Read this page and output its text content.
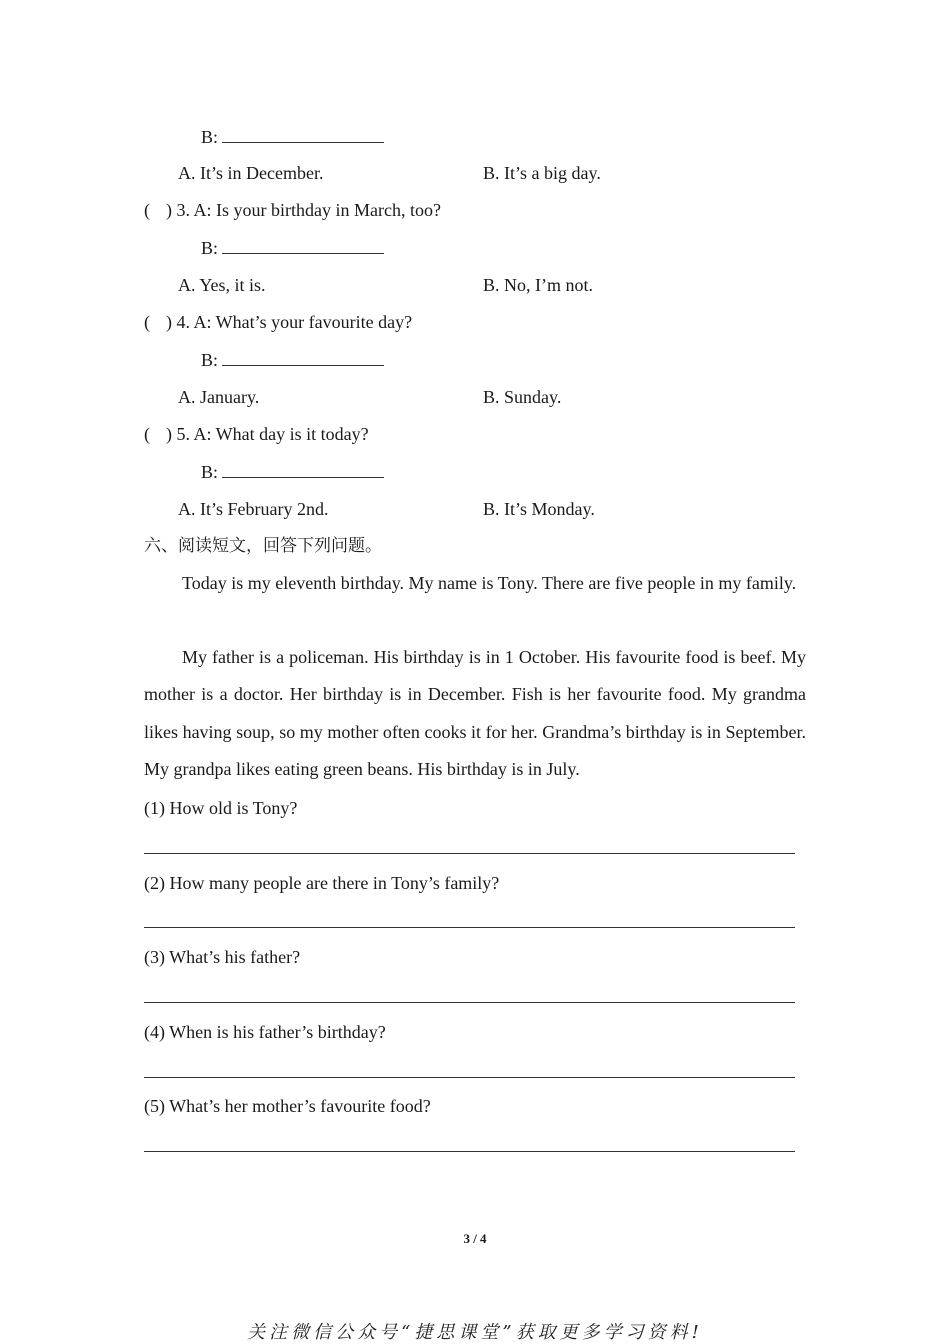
B:
A. It’s in December.	B. It’s a big day.
( ) 3. A: Is your birthday in March, too?
B:
A. Yes, it is.	B. No, I’m not.
( ) 4. A: What’s your favourite day?
B:
A. January.	B. Sunday.
( ) 5. A: What day is it today?
B:
A. It’s February 2nd.	B. It’s Monday.
六、阅读短文，回答下列问题。
Today is my eleventh birthday. My name is Tony. There are five people in my family.
My father is a policeman. His birthday is in 1 October. His favourite food is beef. My mother is a doctor. Her birthday is in December. Fish is her favourite food. My grandma likes having soup, so my mother often cooks it for her. Grandma’s birthday is in September. My grandpa likes eating green beans. His birthday is in July.
(1) How old is Tony?
(2) How many people are there in Tony’s family?
(3) What’s his father?
(4) When is his father’s birthday?
(5) What’s her mother’s favourite food?
3 / 4
关注微信公众号“捷思课堂”获取更多学习资料!
